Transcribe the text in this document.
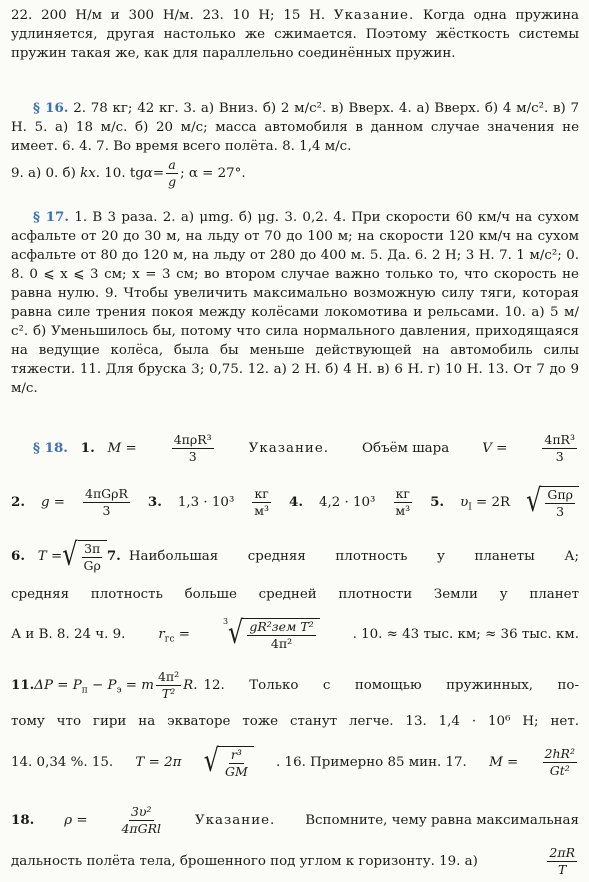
22. 200 Н/м и 300 Н/м. 23. 10 Н; 15 Н. Указание. Когда одна пружина удлиняется, другая настолько же сжимается. Поэтому жёсткость системы пружин такая же, как для параллельно соединённых пружин.

§ 16. 2. 78 кг; 42 кг. 3. а) Вниз. б) 2 м/с². в) Вверх. 4. а) Вверх. б) 4 м/с². в) 7 Н. 5. а) 18 м/с. б) 20 м/с; масса автомобиля в данном случае значения не имеет. 6. 4. 7. Во время всего полёта. 8. 1,4 м/с.

9. а) 0. б)
kx . 10. tg $\alpha = \frac{a}{g}$ ; α = 27°.

§ 17. 1. В 3 раза. 2. а) μmg. б) μg. 3. 0,2. 4. При скорости 60 км/ч на сухом асфальте от 20 до 30 м, на льду от 70 до 100 м; на скорости 120 км/ч на сухом асфальте от 80 до 120 м, на льду от 280 до 400 м. 5. Да. 6. 2 Н; 3 Н. 7. 1 м/с²; 0. 8. 0 ⩽ x ⩽ 3 см; x = 3 см; во втором случае важно только то, что скорость не равна нулю. 9. Чтобы увеличить максимально возможную силу тяги, которая равна силе трения покоя между колёсами локомотива и рельсами. 10. а) 5 м/с². б) Уменьшилось бы, потому что сила нормального давления, приходящаяся на ведущие колёса, была бы меньше действующей на автомобиль силы тяжести. 11. Для бруска 3; 0,75. 12. а) 2 Н. б) 4 Н. в) 6 Н. г) 10 Н. 13. От 7 до 9 м/с.

§ 18. 1. M =	$\frac{\text{4πρR³}}{3}$	Указание. Объём шара V =	$\frac{\text{4πR³}}{3}$
2. $g = \frac{\text{4πGρR}}{3} 3$. $1,3 \cdot 10^3 \frac{кг}{\text{м³}} 4$. $4,2 \cdot 10^3 \frac{кг}{\text{м³}} 5$. $\upsilon_I = 2R$ √ $\frac{\text{Gπρ}}{3}$
6. T = √ $\frac{3\pi}{G\rho} 7$. Наибольшая средняя плотность у планеты А;
средняя плотность больше средней плотности Земли у планет
А и В. 8. 24 ч. 9. $r_{гс}$ =
3 √ $\frac{\text{gR²зем T²}}{\text{4π²}}$	. 10. ≈ 43 тыс. км; ≈ 36 тыс. км.
11. $\Delta P = P_п - P_э = m \frac{\text{4π²}}{\text{T²}} R$. 12. Только с помощью пружинных, по-
тому что гири на экваторе тоже станут легче. 13. 1,4 · 10⁶ Н; нет.
14. 0,34 %. 15. T = 2π √ $\frac{\text{r³}}{GM}$ . 16. Примерно 85 мин. 17. $M = \frac{\text{2hR²}}{\text{Gt²}}$
18. ρ =	$\frac{\text{3υ²}}{\text{4πGRl}}$ Указание. Вспомните, чему равна максимальная
дальность полёта тела, брошенного под углом к горизонту. 19. а)	$\frac{2\pi R}{T}$
